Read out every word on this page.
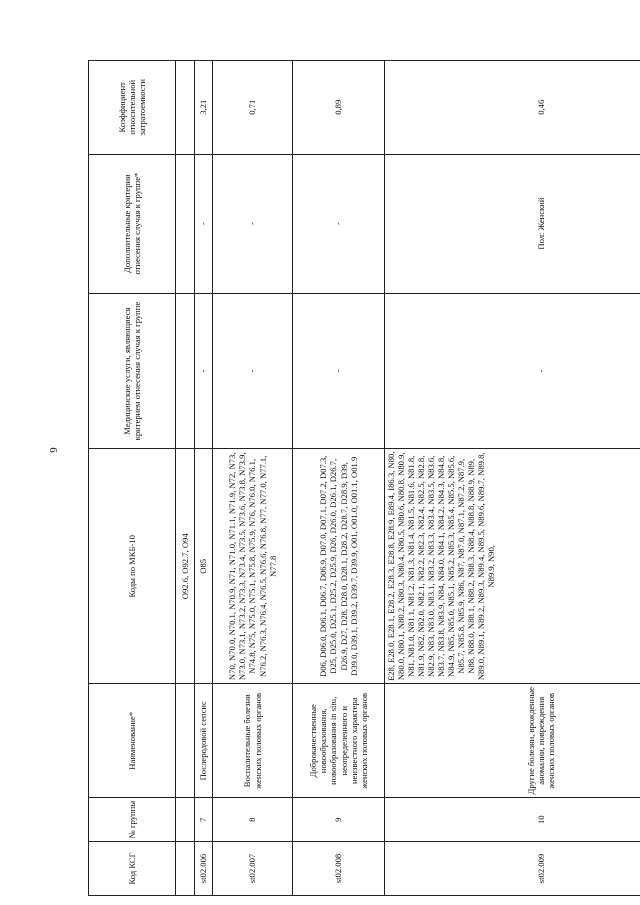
6
Код КСГ	№ группы	Наименование*	Коды по МКБ-10	Медицинские услуги, являющиеся критерием отнесения случая к группе	Дополнительные критерии отнесения случая к группе*	Коэффициент относительной затратоемкости
			O92.6, O92.7, O94			
st02.006	7	Послеродовой сепсис	O85	-	-	3,21
st02.007	8	Воспалительные болезни женских половых органов	N70, N70.0, N70.1, N70.9, N71, N71.0, N71.1, N71.9, N72, N73, N73.0, N73.1, N73.2, N73.3, N73.4, N73.5, N73.6, N73.8, N73.9, N74.8, N75, N75.0, N75.1, N75.8, N75.9, N76, N76.0, N76.1, N76.2, N76.3, N76.4, N76.5, N76.6, N76.8, N77, N77.0, N77.1, N77.8	-	-	0,71
st02.008	9	Доброкачественные новообразования, новообразования in situ, неопределенного и неизвестного характера женских половых органов	D06, D06.0, D06.1, D06.7, D06.9, D07.0, D07.1, D07.2, D07.3, D25, D25.0, D25.1, D25.2, D25.9, D26, D26.0, D26.1, D26.7, D26.9, D27, D28, D28.0, D28.1, D28.2, D28.7, D28.9, D39, D39.0, D39.1, D39.2, D39.7, D39.9, O01, O01.0, O01.1, O01.9	-	-	0,89
st02.009	10	Другие болезни, врожденные аномалии, повреждения женских половых органов	E28, E28.0, E28.1, E28.2, E28.3, E28.8, E28.9, E89.4, I86.3, N80, N80.0, N80.1, N80.2, N80.3, N80.4, N80.5, N80.6, N80.8, N80.9, N81, N81.0, N81.1, N81.2, N81.3, N81.4, N81.5, N81.6, N81.8, N81.9, N82, N82.0, N82.1, N82.2, N82.3, N82.4, N82.5, N82.8, N82.9, N83, N83.0, N83.1, N83.2, N83.3, N83.4, N83.5, N83.6, N83.7, N83.8, N83.9, N84, N84.0, N84.1, N84.2, N84.3, N84.8, N84.9, N85, N85.0, N85.1, N85.2, N85.3, N85.4, N85.5, N85.6, N85.7, N85.8, N85.9, N86, N87, N87.0, N87.1, N87.2, N87.9, N88, N88.0, N88.1, N88.2, N88.3, N88.4, N88.8, N88.9, N89, N89.0, N89.1, N89.2, N89.3, N89.4, N89.5, N89.6, N89.7, N89.8, N89.9, N90,	-	Пол: Женский	0,46
